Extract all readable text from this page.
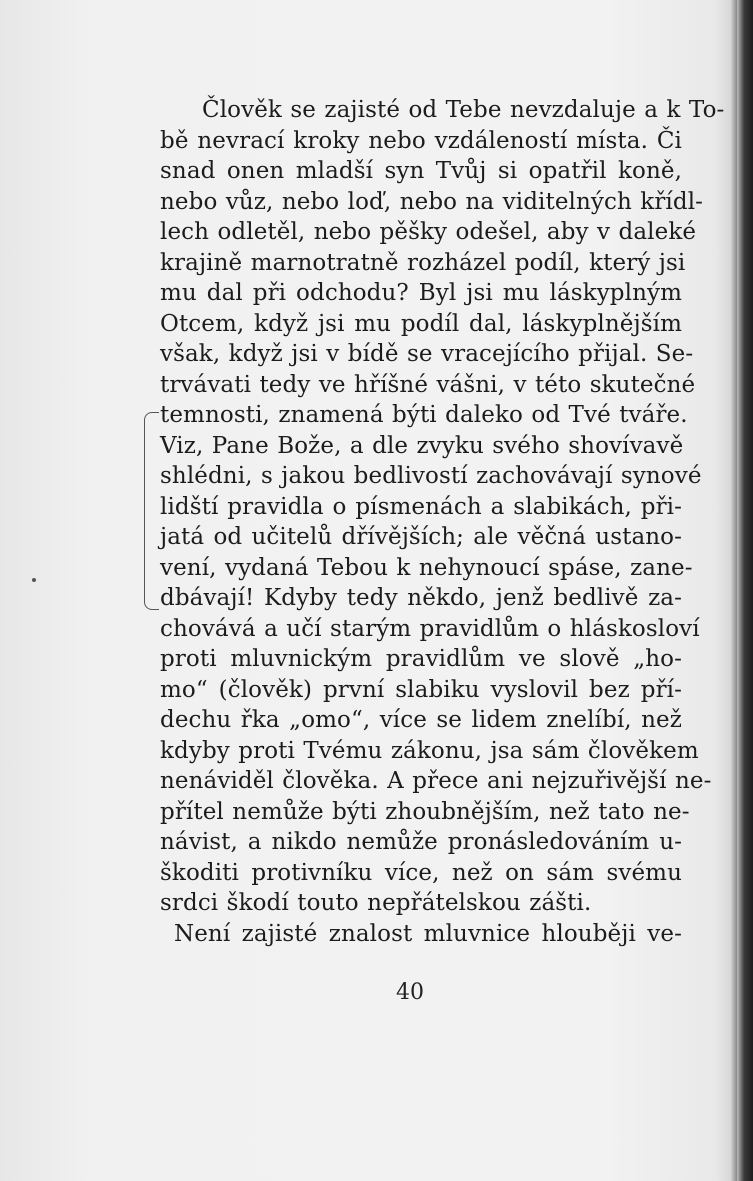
Člověk se zajisté od Tebe nevzdaluje a k To-
bě nevrací kroky nebo vzdáleností místa. Či
snad onen mladší syn Tvůj si opatřil koně,
nebo vůz, nebo loď, nebo na viditelných křídl-
lech odletěl, nebo pěšky odešel, aby v daleké
krajině marnotratně rozházel podíl, který jsi
mu dal při odchodu? Byl jsi mu láskyplným
Otcem, když jsi mu podíl dal, láskyplnějším
však, když jsi v bídě se vracejícího přijal. Se-
trvávati tedy ve hříšné vášni, v této skutečné
temnosti, znamená býti daleko od Tvé tváře.
Viz, Pane Bože, a dle zvyku svého shovívavě
shlédni, s jakou bedlivostí zachovávají synové
lidští pravidla o písmenách a slabikách, při-
jatá od učitelů dřívějších; ale věčná ustano-
vení, vydaná Tebou k nehynoucí spáse, zane-
dbávají! Kdyby tedy někdo, jenž bedlivě za-
chovává a učí starým pravidlům o hláskosloví
proti mluvnickým pravidlům ve slově „ho-
mo“ (člověk) první slabiku vyslovil bez pří-
dechu řka „omo“, více se lidem znelíbí, než
kdyby proti Tvému zákonu, jsa sám člověkem
nenáviděl člověka. A přece ani nejzuřivější ne-
přítel nemůže býti zhoubnějším, než tato ne-
návist, a nikdo nemůže pronásledováním u-
škoditi protivníku více, než on sám svému
srdci škodí touto nepřátelskou zášti.
Není zajisté znalost mluvnice hlouběji ve-
40
